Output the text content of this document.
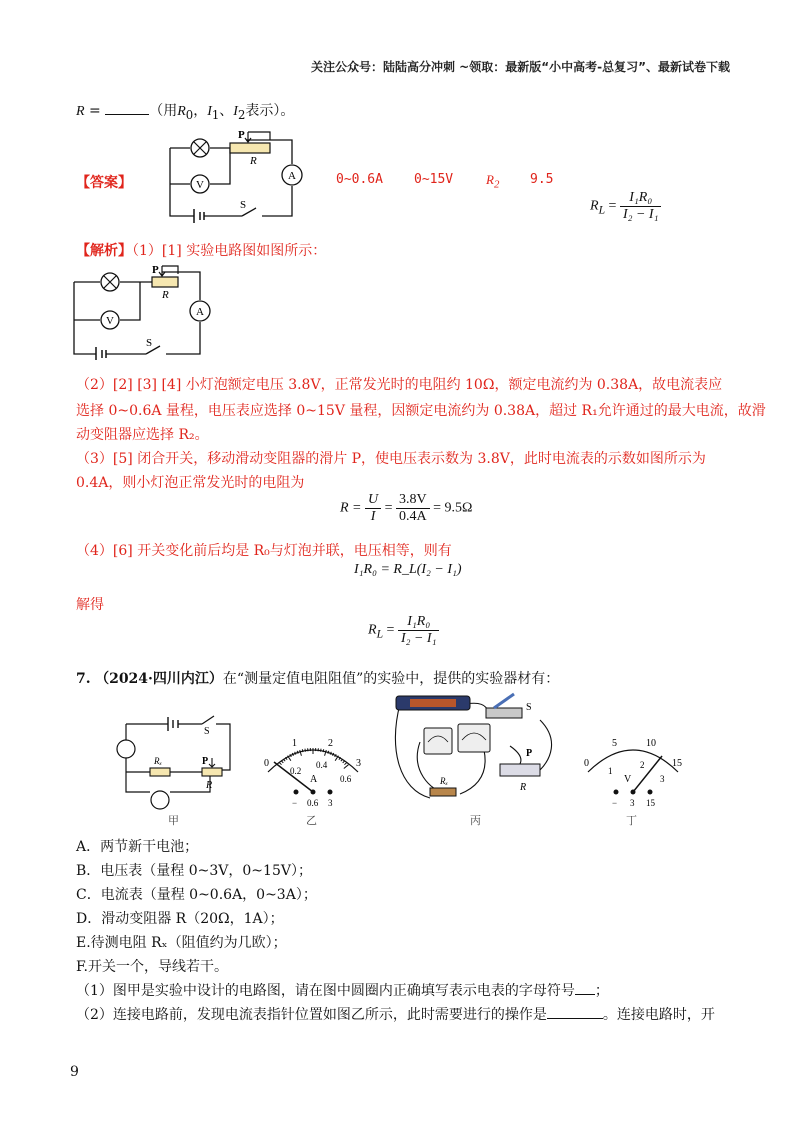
关注公众号：陆陆高分冲刺 ~领取：最新版“小中高考-总复习”、最新试卷下载
R =	（用$R_0$，$I_1$、$I_2$表示）。
【答案】	V
P
R
A
S
0~0.6A 0~15V	$R_2$ 9.5
$R_L = \frac{\text{I₁R₀}}{\text{I₂ − I₁}}$
【解析】（1）[1] 实验电路图如图所示：
V
P
R
A
S
（2）[2] [3] [4] 小灯泡额定电压 3.8V，正常发光时的电阻约 10Ω，额定电流约为 0.38A，故电流表应
选择 0~0.6A 量程，电压表应选择 0~15V 量程，因额定电流约为 0.38A，超过 R₁允许通过的最大电流，故滑
动变阻器应选择 R₂。
（3）[5] 闭合开关，移动滑动变阻器的滑片 P，使电压表示数为 3.8V，此时电流表的示数如图所示为
0.4A，则小灯泡正常发光时的电阻为
$R = \frac{U}{I} = \frac{3.8V}{0.4A} = 9.5\Omega$
（4）[6] 开关变化前后均是 R₀与灯泡并联，电压相等，则有
I₁R₀ = R_L(I₂ − I₁)
解得
$R_L = \frac{\text{I₁R₀}}{\text{I₂ − I₁}}$
7. （2024·四川内江）在“测量定值电阻阻值”的实验中，提供的实验器材有：
S
Rₓ	P
R
0
1	2
3
0.2
0.4
0.6
A
− 0.6 3
S
P
R
Rₓ
0
5	10
15
1
2
3
V
− 3 15
甲	乙	丙	丁
A．两节新干电池；
B．电压表（量程 0~3V，0~15V）；
C．电流表（量程 0~0.6A，0~3A）；
D．滑动变阻器 R（20Ω，1A）；
E.待测电阻 Rₓ（阻值约为几欧）；
F.开关一个，导线若干。
（1）图甲是实验中设计的电路图，请在图中圆圈内正确填写表示电表的字母符号 ；
（2）连接电路前，发现电流表指针位置如图乙所示，此时需要进行的操作是	。连接电路时，开
9
